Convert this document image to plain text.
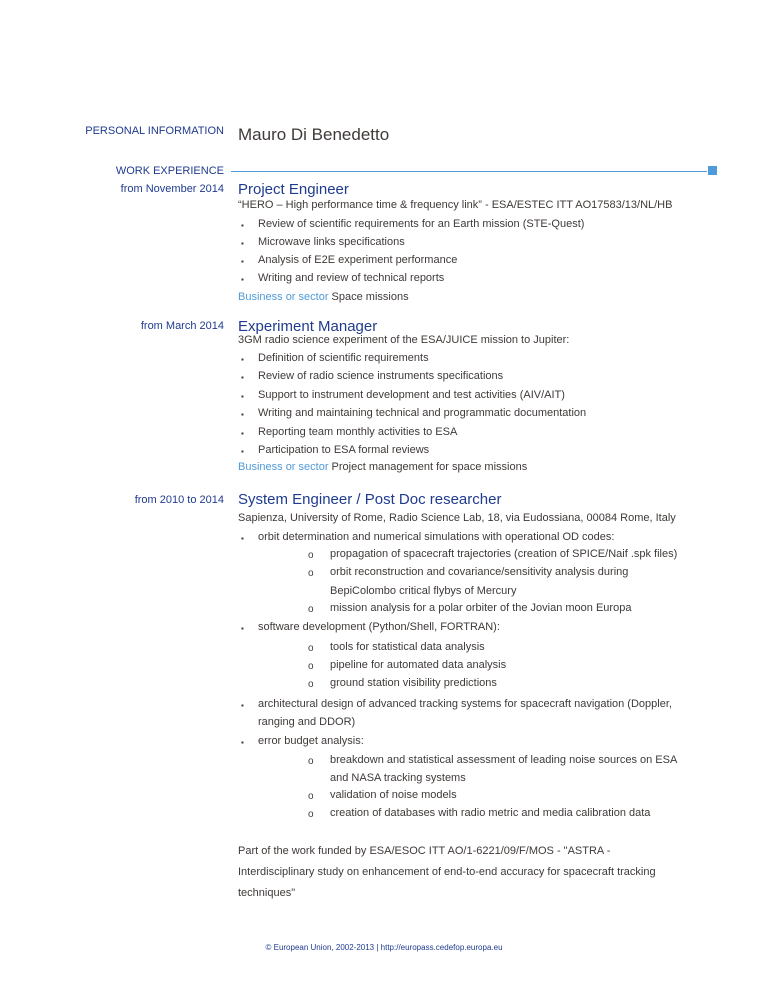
PERSONAL INFORMATION Mauro Di Benedetto
WORK EXPERIENCE
from November 2014 Project Engineer
“HERO – High performance time & frequency link” - ESA/ESTEC ITT AO17583/13/NL/HB
▪ Review of scientific requirements for an Earth mission (STE-Quest)
▪ Microwave links specifications
▪ Analysis of E2E experiment performance
▪ Writing and review of technical reports
Business or sector Space missions
from March 2014 Experiment Manager
3GM radio science experiment of the ESA/JUICE mission to Jupiter:
▪ Definition of scientific requirements
▪ Review of radio science instruments specifications
▪ Support to instrument development and test activities (AIV/AIT)
▪ Writing and maintaining technical and programmatic documentation
▪ Reporting team monthly activities to ESA
▪ Participation to ESA formal reviews
Business or sector Project management for space missions
from 2010 to 2014 System Engineer / Post Doc researcher
Sapienza, University of Rome, Radio Science Lab, 18, via Eudossiana, 00084 Rome, Italy
▪ orbit determination and numerical simulations with operational OD codes:
o propagation of spacecraft trajectories (creation of SPICE/Naif .spk files)
o orbit reconstruction and covariance/sensitivity analysis during
BepiColombo critical flybys of Mercury
o mission analysis for a polar orbiter of the Jovian moon Europa
▪ software development (Python/Shell, FORTRAN):
o tools for statistical data analysis
o pipeline for automated data analysis
o ground station visibility predictions
▪ architectural design of advanced tracking systems for spacecraft navigation (Doppler,
ranging and DDOR)
▪ error budget analysis:
o breakdown and statistical assessment of leading noise sources on ESA
and NASA tracking systems
o validation of noise models
o creation of databases with radio metric and media calibration data
Part of the work funded by ESA/ESOC ITT AO/1-6221/09/F/MOS - "ASTRA -
Interdisciplinary study on enhancement of end-to-end accuracy for spacecraft tracking
techniques"
© European Union, 2002-2013 | http://europass.cedefop.europa.eu
